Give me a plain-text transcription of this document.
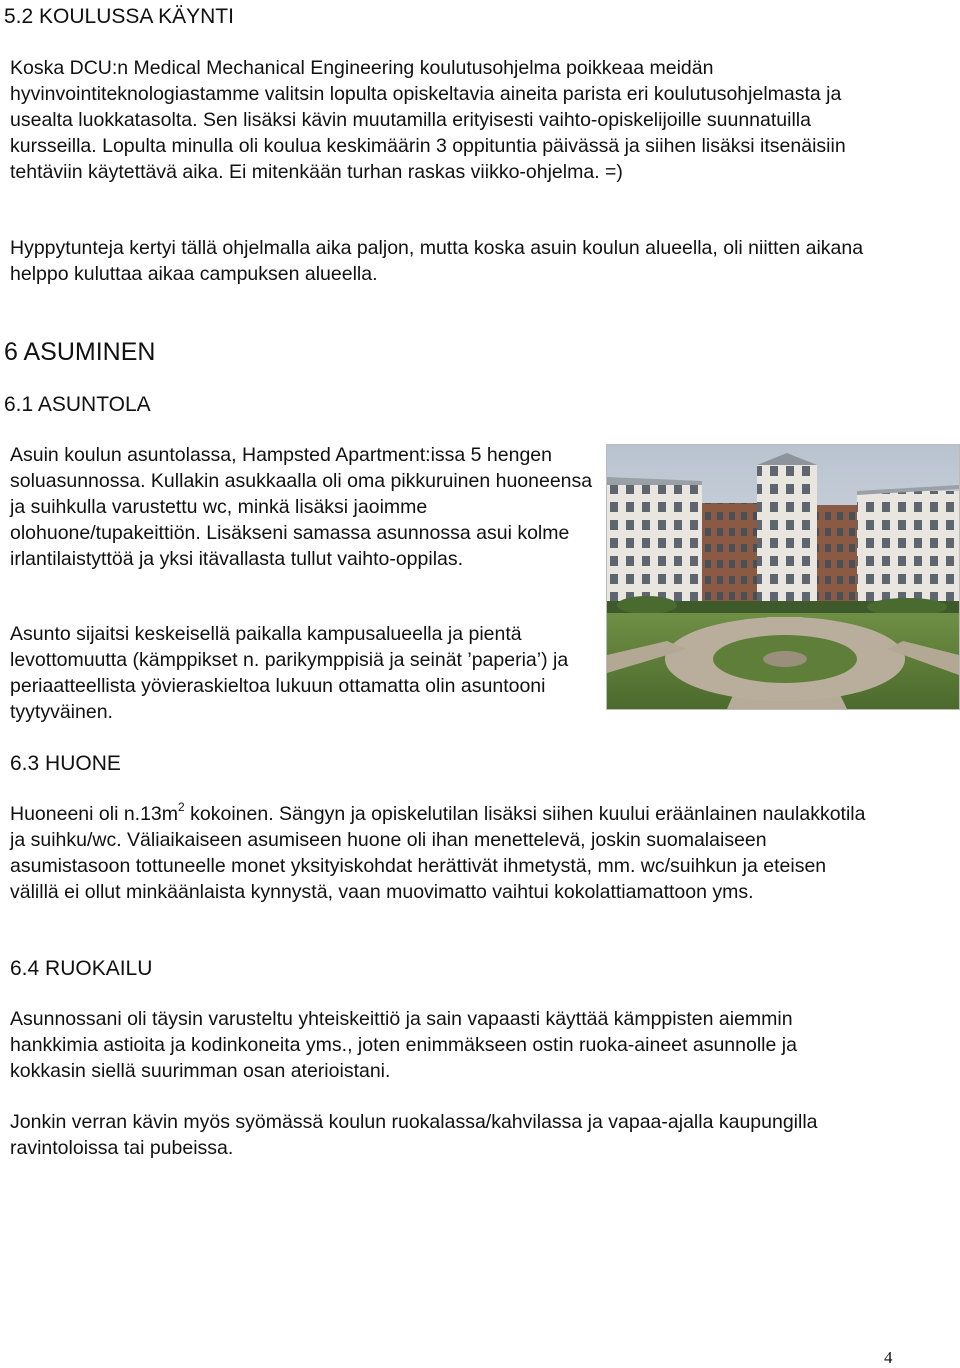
5.2 KOULUSSA KÄYNTI

Koska DCU:n Medical Mechanical Engineering koulutusohjelma poikkeaa meidän hyvinvointiteknologiastamme valitsin lopulta opiskeltavia aineita parista eri koulutusohjelmasta ja usealta luokkatasolta. Sen lisäksi kävin muutamilla erityisesti vaihto-opiskelijoille suunnatuilla kursseilla. Lopulta minulla oli koulua keskimäärin 3 oppituntia päivässä ja siihen lisäksi itsenäisiin tehtäviin käytettävä aika. Ei mitenkään turhan raskas viikko-ohjelma. =)

Hyppytunteja kertyi tällä ohjelmalla aika paljon, mutta koska asuin koulun alueella, oli niitten aikana helppo kuluttaa aikaa campuksen alueella.

6 ASUMINEN
6.1 ASUNTOLA

Asuin koulun asuntolassa, Hampsted Apartment:issa 5 hengen soluasunnossa. Kullakin asukkaalla oli oma pikkuruinen huoneensa ja suihkulla varustettu wc, minkä lisäksi jaoimme olohuone/tupakeittiön. Lisäkseni samassa asunnossa asui kolme irlantilaistyttöä ja yksi itävallasta tullut vaihto-oppilas.

Asunto sijaitsi keskeisellä paikalla kampusalueella ja pientä levottomuutta (kämppikset n. parikymppisiä ja seinät ’paperia’) ja periaatteellista yövieraskieltoa lukuun ottamatta olin asuntooni tyytyväinen.

6.3 HUONE

Huoneeni oli $n.13m^2$ kokoinen. Sängyn ja opiskelutilan lisäksi siihen kuului eräänlainen naulakkotila ja suihku/wc. Väliaikaiseen asumiseen huone oli ihan menettelevä, joskin suomalaiseen asumistasoon tottuneelle monet yksityiskohdat herättivät ihmetystä, mm. wc/suihkun ja eteisen välillä ei ollut minkäänlaista kynnystä, vaan muovimatto vaihtui kokolattiamattoon yms.

6.4 RUOKAILU

Asunnossani oli täysin varusteltu yhteiskeittiö ja sain vapaasti käyttää kämppisten aiemmin hankkimia astioita ja kodinkoneita yms., joten enimmäkseen ostin ruoka-aineet asunnolle ja kokkasin siellä suurimman osan aterioistani.

Jonkin verran kävin myös syömässä koulun ruokalassa/kahvilassa ja vapaa-ajalla kaupungilla ravintoloissa tai pubeissa.

4
